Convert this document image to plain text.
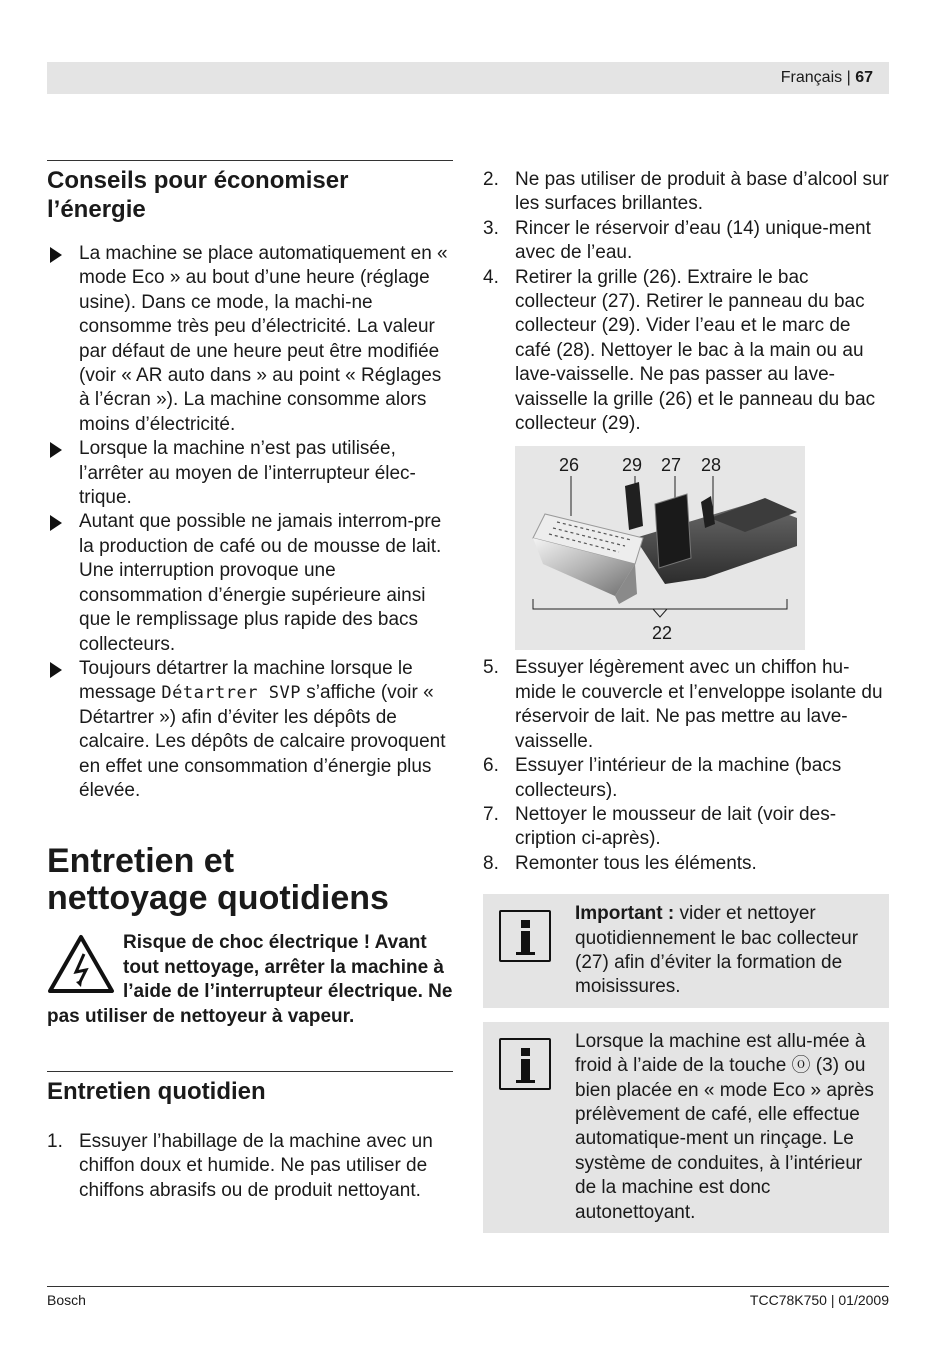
Français | 67
Conseils pour économiser l’énergie
La machine se place automatiquement en « mode Eco » au bout d’une heure (réglage usine). Dans ce mode, la machi-ne consomme très peu d’électricité. La valeur par défaut de une heure peut être modifiée (voir « AR auto dans » au point « Réglages à l’écran »). La machine consomme alors moins d’électricité.
Lorsque la machine n’est pas utilisée, l’arrêter au moyen de l’interrupteur élec-trique.
Autant que possible ne jamais interrom-pre la production de café ou de mousse de lait. Une interruption provoque une consommation d’énergie supérieure ainsi que le remplissage plus rapide des bacs collecteurs.
Toujours détartrer la machine lorsque le message Détartrer SVP s’affiche (voir « Détartrer ») afin d’éviter les dépôts de calcaire. Les dépôts de calcaire provoquent en effet une consommation d’énergie plus élevée.
Entretien et
nettoyage quotidiens
Risque de choc électrique ! Avant tout nettoyage, arrêter la machine à l’aide de l’interrupteur électrique. Ne pas utiliser de nettoyeur à vapeur.
Entretien quotidien
1. Essuyer l’habillage de la machine avec un chiffon doux et humide. Ne pas utiliser de chiffons abrasifs ou de produit nettoyant.
2. Ne pas utiliser de produit à base d’alcool sur les surfaces brillantes.
3. Rincer le réservoir d’eau (14) unique-ment avec de l’eau.
4. Retirer la grille (26). Extraire le bac collecteur (27). Retirer le panneau du bac collecteur (29). Vider l’eau et le marc de café (28). Nettoyer le bac à la main ou au lave-vaisselle. Ne pas passer au lave-vaisselle la grille (26) et le panneau du bac collecteur (29).
26 29 27 28
22
5. Essuyer légèrement avec un chiffon hu-mide le couvercle et l’enveloppe isolante du réservoir de lait. Ne pas mettre au lave-vaisselle.
6. Essuyer l’intérieur de la machine (bacs collecteurs).
7. Nettoyer le mousseur de lait (voir des-cription ci-après).
8. Remonter tous les éléments.
Important : vider et nettoyer quotidiennement le bac collecteur (27) afin d’éviter la formation de moisissures.
Lorsque la machine est allu-mée à froid à l’aide de la touche ⓞ (3) ou bien placée en « mode Eco » après prélèvement de café, elle effectue automatique-ment un rinçage. Le système de conduites, à l’intérieur de la machine est donc autonettoyant.
Bosch	TCC78K750 | 01/2009
